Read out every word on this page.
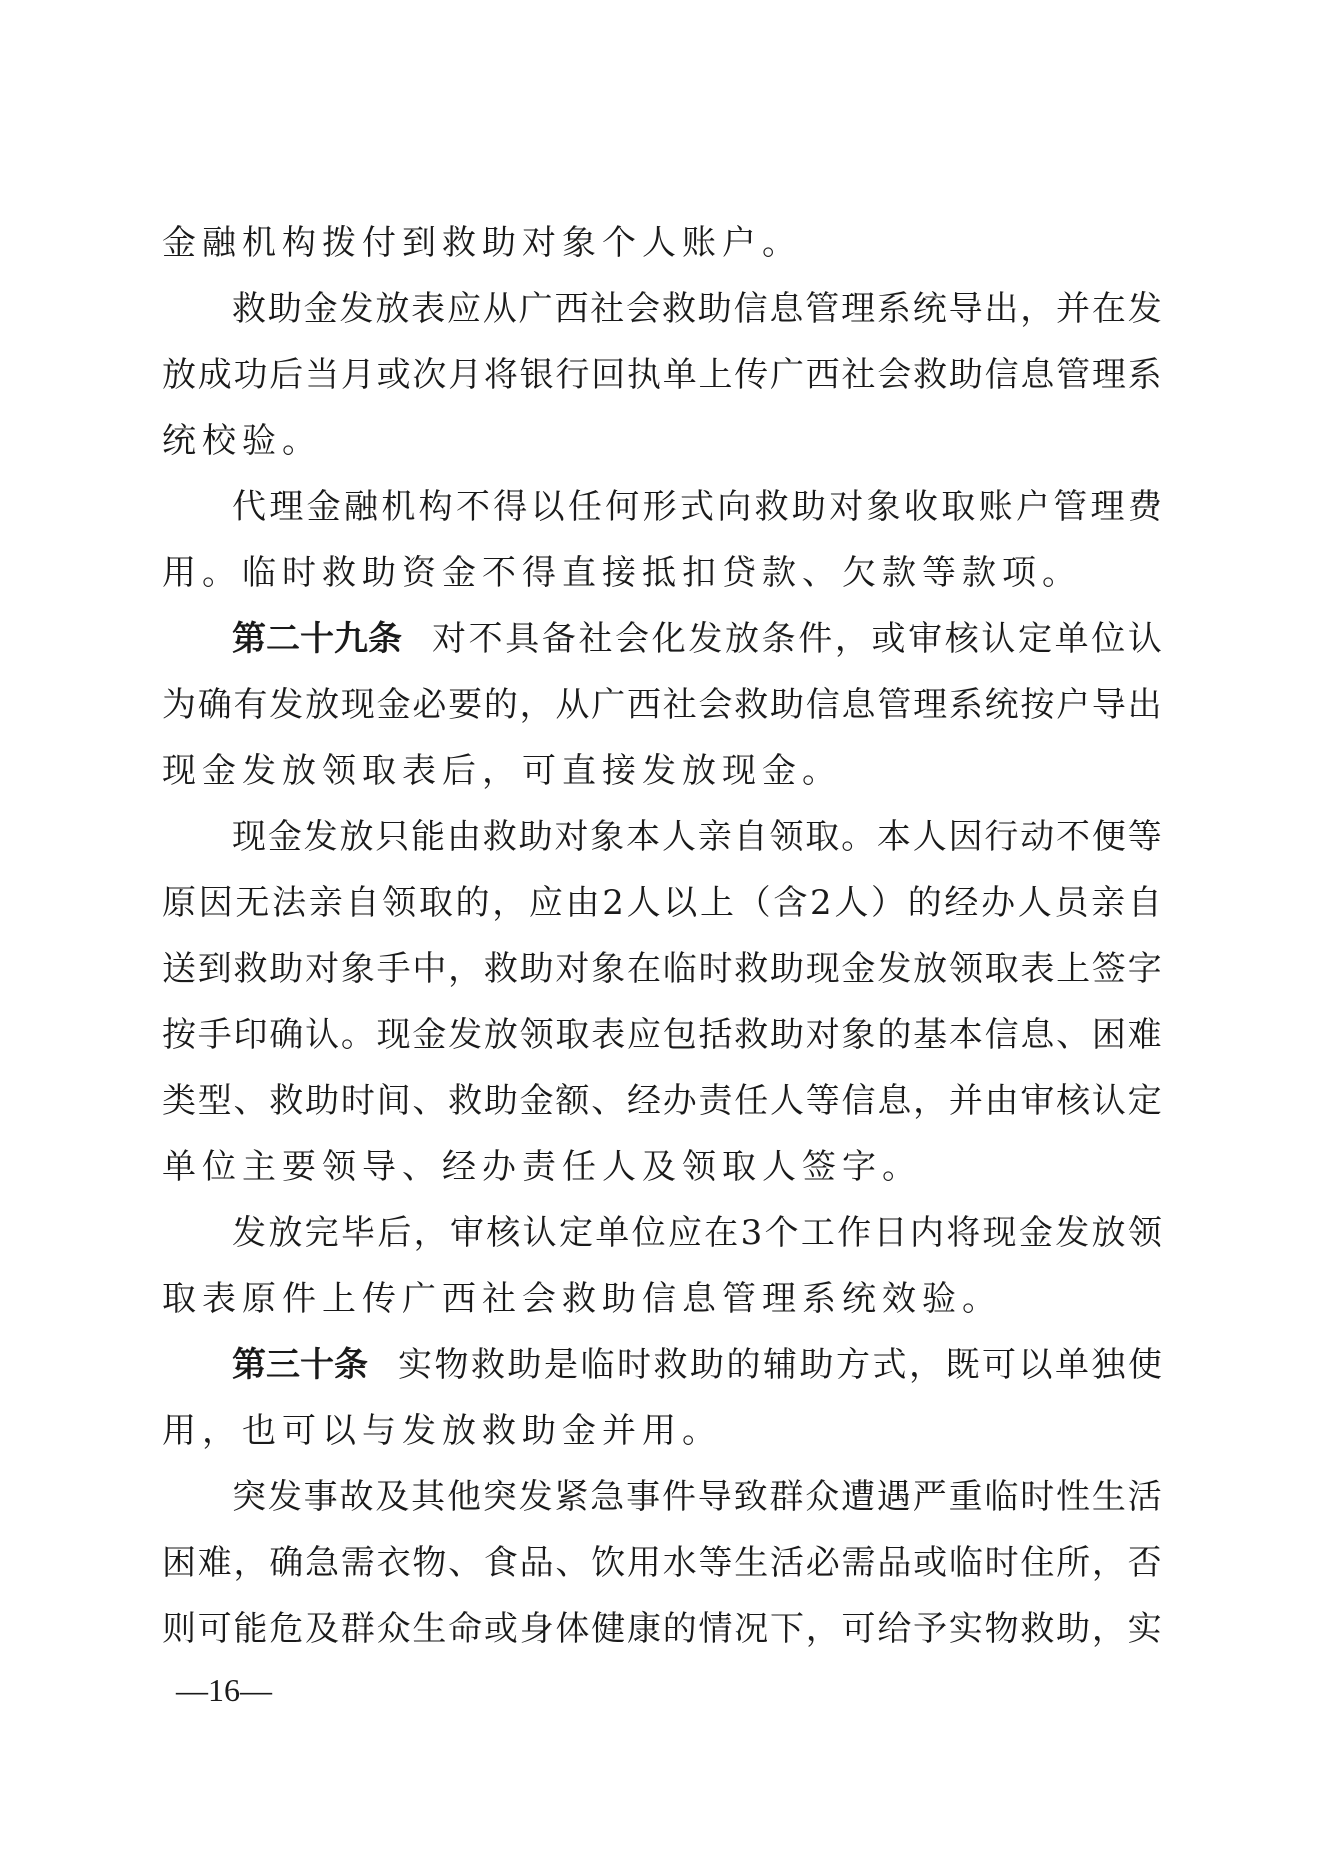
金融机构拨付到救助对象个人账户。
救 助 金 发 放 表 应 从 广 西 社 会 救 助 信 息 管 理 系 统 导 出 ， 并 在 发
放 成 功 后 当 月 或 次 月 将 银 行 回 执 单 上 传 广 西 社 会 救 助 信 息 管 理 系
统校验。
代 理 金 融 机 构 不 得 以 任 何 形 式 向 救 助 对 象 收 取 账 户 管 理 费
用。临时救助资金不得直接抵扣贷款、欠款等款项。
第二十九条 对 不 具 备 社 会 化 发 放 条 件 ， 或 审 核 认 定 单 位 认
为 确 有 发 放 现 金 必 要 的 ， 从 广 西 社 会 救 助 信 息 管 理 系 统 按 户 导 出
现金发放领取表后，可直接发放现金。
现 金 发 放 只 能 由 救 助 对 象 本 人 亲 自 领 取 。 本 人 因 行 动 不 便 等
原 因 无 法 亲 自 领 取 的 ， 应 由 2 人 以 上 （ 含 2 人 ） 的 经 办 人 员 亲 自
送 到 救 助 对 象 手 中 ， 救 助 对 象 在 临 时 救 助 现 金 发 放 领 取 表 上 签 字
按 手 印 确 认 。 现 金 发 放 领 取 表 应 包 括 救 助 对 象 的 基 本 信 息 、 困 难
类 型 、 救 助 时 间 、 救 助 金 额 、 经 办 责 任 人 等 信 息 ， 并 由 审 核 认 定
单位主要领导、经办责任人及领取人签字。
发 放 完 毕 后 ， 审 核 认 定 单 位 应 在 3 个 工 作 日 内 将 现 金 发 放 领
取表原件上传广西社会救助信息管理系统效验。
第三十条 实 物 救 助 是 临 时 救 助 的 辅 助 方 式 ， 既 可 以 单 独 使
用，也可以与发放救助金并用。
突 发 事 故 及 其 他 突 发 紧 急 事 件 导 致 群 众 遭 遇 严 重 临 时 性 生 活
困 难 ， 确 急 需 衣 物 、 食 品 、 饮 用 水 等 生 活 必 需 品 或 临 时 住 所 ， 否
则 可 能 危 及 群 众 生 命 或 身 体 健 康 的 情 况 下 ， 可 给 予 实 物 救 助 ， 实
—16—
